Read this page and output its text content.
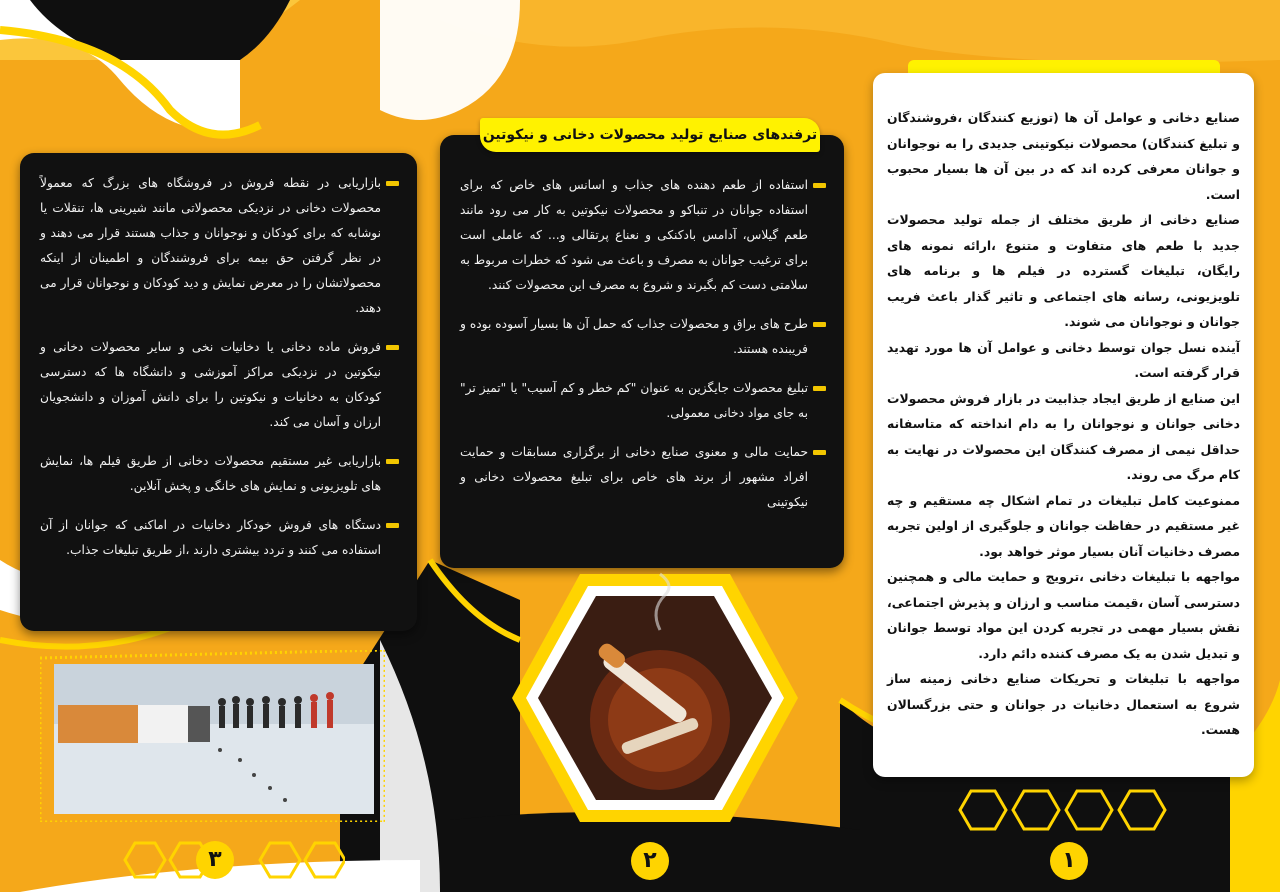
بازاریابی در نقطه فروش در فروشگاه های بزرگ که معمولاً محصولات دخانی در نزدیکی محصولاتی مانند شیرینی ها، تنقلات یا نوشابه که برای کودکان و نوجوانان و جذاب هستند قرار می دهند و در نظر گرفتن حق بیمه برای فروشندگان و اطمینان از اینکه محصولاتشان را در معرض نمایش و دید کودکان و نوجوانان قرار می دهند.

فروش ماده دخانی یا دخانیات نخی و سایر محصولات دخانی و نیکوتین در نزدیکی مراکز آموزشی و دانشگاه ها که دسترسی کودکان به دخانیات و نیکوتین را برای دانش آموزان و دانشجویان ارزان و آسان می کند.

بازاریابی غیر مستقیم محصولات دخانی از طریق فیلم ها، نمایش های تلویزیونی و نمایش های خانگی و پخش آنلاین.

دستگاه های فروش خودکار دخانیات در اماکنی که جوانان از آن استفاده می کنند و تردد بیشتری دارند ،از طریق تبلیغات جذاب.

استفاده از طعم دهنده های جذاب و اسانس های خاص که برای استفاده جوانان در تنباکو و محصولات نیکوتین به کار می رود مانند طعم گیلاس، آدامس بادکنکی و نعناع پرتقالی و... که عاملی است برای ترغیب جوانان به مصرف و باعث می شود که خطرات مربوط به سلامتی دست کم بگیرند و شروع به مصرف این محصولات کنند.

طرح های براق و محصولات جذاب که حمل آن ها بسیار آسوده بوده و فریبنده هستند.

تبلیغ محصولات جایگزین به عنوان "کم خطر و کم آسیب" یا "تمیز تر" به جای مواد دخانی معمولی.

حمایت مالی و معنوی صنایع دخانی از برگزاری مسابقات و حمایت افراد مشهور از برند های خاص برای تبلیغ محصولات دخانی و نیکوتینی

ترفندهای صنایع تولید محصولات دخانی و نیکوتین

صنایع دخانی و عوامل آن ها (توزیع کنندگان ،فروشندگان و تبلیغ کنندگان) محصولات نیکوتینی جدیدی را به نوجوانان و جوانان معرفی کرده اند که در بین آن ها بسیار محبوب است.

صنایع دخانی از طریق مختلف از جمله تولید محصولات جدید با طعم های متفاوت و متنوع ،ارائه نمونه های رایگان، تبلیغات گسترده در فیلم ها و برنامه های تلویزیونی، رسانه های اجتماعی و تاثیر گذار باعث فریب جوانان و نوجوانان می شوند.

آینده نسل جوان توسط دخانی و عوامل آن ها مورد تهدید قرار گرفته است.

این صنایع از طریق ایجاد جذابیت در بازار فروش محصولات دخانی جوانان و نوجوانان را به دام انداخته که متاسفانه حداقل نیمی از مصرف کنندگان این محصولات در نهایت به کام مرگ می روند.

ممنوعیت کامل تبلیغات در تمام اشکال چه مستقیم و چه غیر مستقیم در حفاظت جوانان و جلوگیری از اولین تجربه مصرف دخانیات آنان بسیار موثر خواهد بود.

مواجهه با تبلیغات دخانی ،ترویج و حمایت مالی و همچنین دسترسی آسان ،قیمت مناسب و ارزان و پذیرش اجتماعی، نقش بسیار مهمی در تجربه کردن این مواد توسط جوانان و تبدیل شدن به یک مصرف کننده دائم دارد.

مواجهه با تبلیغات و تحریکات صنایع دخانی زمینه ساز شروع به استعمال دخانیات در جوانان و حتی بزرگسالان هست.

۳	۲	۱
